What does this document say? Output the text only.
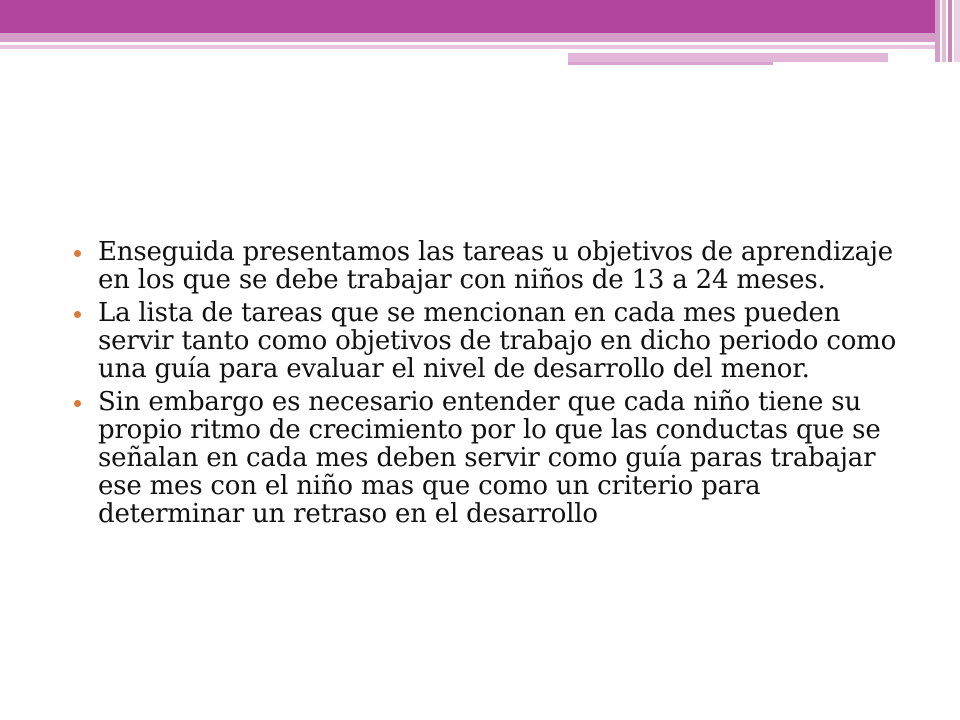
Enseguida presentamos las tareas u objetivos de aprendizaje en los que se debe trabajar con niños de 13 a 24 meses.
La lista de tareas que se mencionan en cada mes pueden servir tanto como objetivos de trabajo en dicho periodo como una guía para evaluar el nivel de desarrollo del menor.
Sin embargo es necesario entender que cada niño tiene su propio ritmo de crecimiento por lo que las conductas que se señalan en cada mes deben servir como guía paras trabajar ese mes con el niño mas que como un criterio para determinar un retraso en el desarrollo
